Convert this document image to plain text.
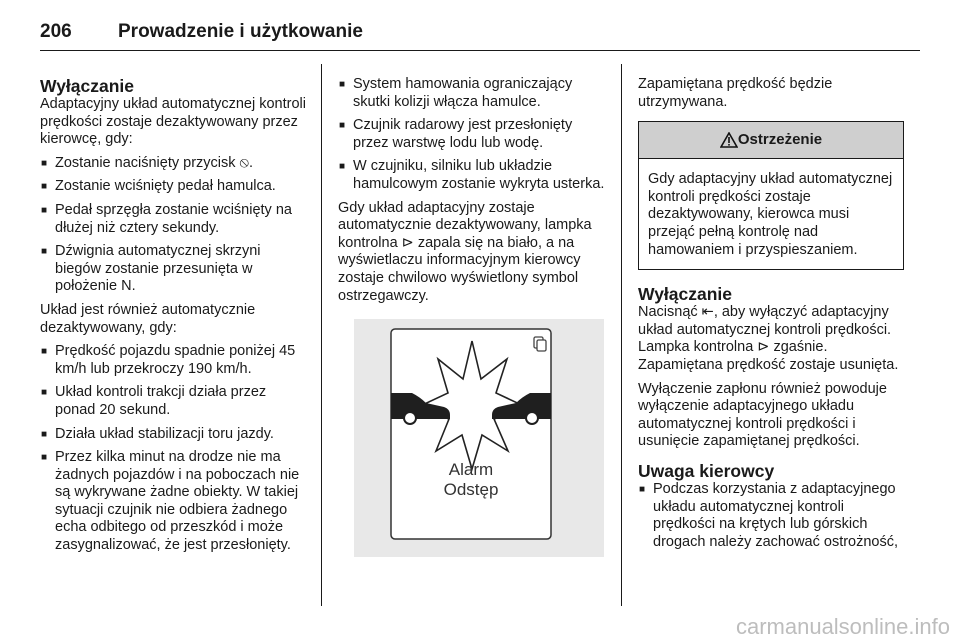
206	Prowadzenie i użytkowanie
Wyłączanie

Adaptacyjny układ automatycznej kontroli prędkości zostaje dezaktywowany przez kierowcę, gdy:

■ Zostanie naciśnięty przycisk ⦸.
■ Zostanie wciśnięty pedał hamulca.
■ Pedał sprzęgła zostanie wciśnięty na dłużej niż cztery sekundy.
■ Dźwignia automatycznej skrzyni biegów zostanie przesunięta w położenie N.

Układ jest również automatycznie dezaktywowany, gdy:

■ Prędkość pojazdu spadnie poniżej 45 km/h lub przekroczy 190 km/h.
■ Układ kontroli trakcji działa przez ponad 20 sekund.
■ Działa układ stabilizacji toru jazdy.
■ Przez kilka minut na drodze nie ma żadnych pojazdów i na poboczach nie są wykrywane żadne obiekty. W takiej sytuacji czujnik nie odbiera żadnego echa odbitego od przeszkód i może zasygnalizować, że jest przesłonięty.
■ System hamowania ograniczający skutki kolizji włącza hamulce.
■ Czujnik radarowy jest przesłonięty przez warstwę lodu lub wodę.
■ W czujniku, silniku lub układzie hamulcowym zostanie wykryta usterka.

Gdy układ adaptacyjny zostaje automatycznie dezaktywowany, lampka kontrolna ⊳ zapala się na biało, a na wyświetlaczu informacyjnym kierowcy zostaje chwilowo wyświetlony symbol ostrzegawczy.

Alarm
Odstęp

Zapamiętana prędkość będzie utrzymywana.

Ostrzeżenie
Gdy adaptacyjny układ automatycznej kontroli prędkości zostaje dezaktywowany, kierowca musi przejąć pełną kontrolę nad hamowaniem i przyspieszaniem.
Wyłączanie

Nacisnąć ⇤, aby wyłączyć adaptacyjny układ automatycznej kontroli prędkości. Lampka kontrolna ⊳ zgaśnie. Zapamiętana prędkość zostaje usunięta.

Wyłączenie zapłonu również powoduje wyłączenie adaptacyjnego układu automatycznej kontroli prędkości i usunięcie zapamiętanej prędkości.

Uwaga kierowcy
■ Podczas korzystania z adaptacyjnego układu automatycznej kontroli prędkości na krętych lub górskich drogach należy zachować ostrożność,
carmanualsonline.info
